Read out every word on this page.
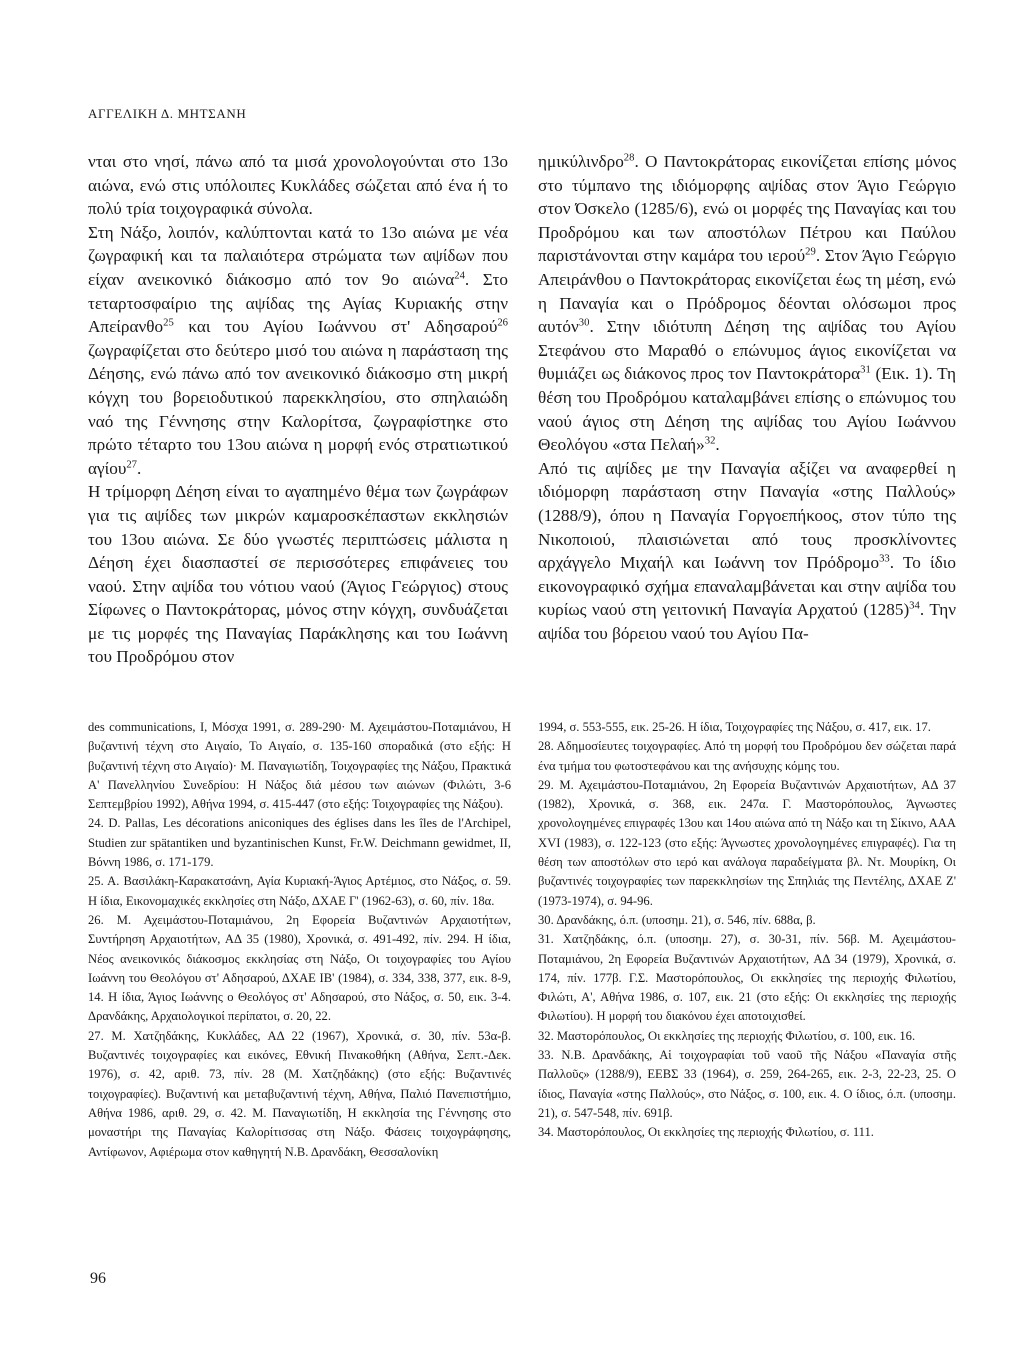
ΑΓΓΕΛΙΚΗ Δ. ΜΗΤΣΑΝΗ

νται στο νησί, πάνω από τα μισά χρονολογούνται στο 13ο αιώνα, ενώ στις υπόλοιπες Κυκλάδες σώζεται από ένα ή το πολύ τρία τοιχογραφικά σύνολα.

Στη Νάξο, λοιπόν, καλύπτονται κατά το 13ο αιώνα με νέα ζωγραφική και τα παλαιότερα στρώματα των αψίδων που είχαν ανεικονικό διάκοσμο από τον 9ο αιώνα$^{24}$. Στο τεταρτοσφαίριο της αψίδας της Αγίας Κυριακής στην Απείρανθο$^{25}$ και του Αγίου Ιωάννου στ' Αδησαρού$^{26}$ ζωγραφίζεται στο δεύτερο μισό του αιώνα η παράσταση της Δέησης, ενώ πάνω από τον ανεικονικό διάκοσμο στη μικρή κόγχη του βορειοδυτικού παρεκκλησίου, στο σπηλαιώδη ναό της Γέννησης στην Καλορίτσα, ζωγραφίστηκε στο πρώτο τέταρτο του 13ου αιώνα η μορφή ενός στρατιωτικού αγίου$^{27}$.

Η τρίμορφη Δέηση είναι το αγαπημένο θέμα των ζωγράφων για τις αψίδες των μικρών καμαροσκέπαστων εκκλησιών του 13ου αιώνα. Σε δύο γνωστές περιπτώσεις μάλιστα η Δέηση έχει διασπαστεί σε περισσότερες επιφάνειες του ναού. Στην αψίδα του νότιου ναού (Άγιος Γεώργιος) στους Σίφωνες ο Παντοκράτορας, μόνος στην κόγχη, συνδυάζεται με τις μορφές της Παναγίας Παράκλησης και του Ιωάννη του Προδρόμου στον

ημικύλινδρο$^{28}$. Ο Παντοκράτορας εικονίζεται επίσης μόνος στο τύμπανο της ιδιόμορφης αψίδας στον Άγιο Γεώργιο στον Όσκελο (1285/6), ενώ οι μορφές της Παναγίας και του Προδρόμου και των αποστόλων Πέτρου και Παύλου παριστάνονται στην καμάρα του ιερού$^{29}$. Στον Άγιο Γεώργιο Απειράνθου ο Παντοκράτορας εικονίζεται έως τη μέση, ενώ η Παναγία και ο Πρόδρομος δέονται ολόσωμοι προς αυτόν$^{30}$. Στην ιδιότυπη Δέηση της αψίδας του Αγίου Στεφάνου στο Μαραθό ο επώνυμος άγιος εικονίζεται να θυμιάζει ως διάκονος προς τον Παντοκράτορα$^{31}$ (Εικ. 1). Τη θέση του Προδρόμου καταλαμβάνει επίσης ο επώνυμος του ναού άγιος στη Δέηση της αψίδας του Αγίου Ιωάννου Θεολόγου «στα Πελαή»$^{32}$.

Από τις αψίδες με την Παναγία αξίζει να αναφερθεί η ιδιόμορφη παράσταση στην Παναγία «στης Παλλούς» (1288/9), όπου η Παναγία Γοργοεπήκοος, στον τύπο της Νικοποιού, πλαισιώνεται από τους προσκλίνοντες αρχάγγελο Μιχαήλ και Ιωάννη τον Πρόδρομο$^{33}$. Το ίδιο εικονογραφικό σχήμα επαναλαμβάνεται και στην αψίδα του κυρίως ναού στη γειτονική Παναγία Αρχατού $(1285)^{34}$. Την αψίδα του βόρειου ναού του Αγίου Πα-

des communications, I, Μόσχα 1991, σ. 289-290· Μ. Αχειμάστου-Ποταμιάνου, Η βυζαντινή τέχνη στο Αιγαίο, Το Αιγαίο, σ. 135-160 σποραδικά (στο εξής: Η βυζαντινή τέχνη στο Αιγαίο)· Μ. Παναγιωτίδη, Τοιχογραφίες της Νάξου, Πρακτικά Α' Πανελληνίου Συνεδρίου: Η Νάξος διά μέσου των αιώνων (Φιλώτι, 3-6 Σεπτεμβρίου 1992), Αθήνα 1994, σ. 415-447 (στο εξής: Τοιχογραφίες της Νάξου).

24. D. Pallas, Les décorations aniconiques des églises dans les îles de l'Archipel, Studien zur spätantiken und byzantinischen Kunst, Fr.W. Deichmann gewidmet, II, Βόννη 1986, σ. 171-179.

25. Α. Βασιλάκη-Καρακατσάνη, Αγία Κυριακή-Άγιος Αρτέμιος, στο Νάξος, σ. 59. Η ίδια, Εικονομαχικές εκκλησίες στη Νάξο, ΔΧΑΕ Γ' (1962-63), σ. 60, πίν. 18α.

26. Μ. Αχειμάστου-Ποταμιάνου, 2η Εφορεία Βυζαντινών Αρχαιοτήτων, Συντήρηση Αρχαιοτήτων, ΑΔ 35 (1980), Χρονικά, σ. 491-492, πίν. 294. Η ίδια, Νέος ανεικονικός διάκοσμος εκκλησίας στη Νάξο, Οι τοιχογραφίες του Αγίου Ιωάννη του Θεολόγου στ' Αδησαρού, ΔΧΑΕ ΙΒ' (1984), σ. 334, 338, 377, εικ. 8-9, 14. Η ίδια, Άγιος Ιωάννης ο Θεολόγος στ' Αδησαρού, στο Νάξος, σ. 50, εικ. 3-4. Δρανδάκης, Αρχαιολογικοί περίπατοι, σ. 20, 22.

27. Μ. Χατζηδάκης, Κυκλάδες, ΑΔ 22 (1967), Χρονικά, σ. 30, πίν. 53α-β. Βυζαντινές τοιχογραφίες και εικόνες, Εθνική Πινακοθήκη (Αθήνα, Σεπτ.-Δεκ. 1976), σ. 42, αριθ. 73, πίν. 28 (Μ. Χατζηδάκης) (στο εξής: Βυζαντινές τοιχογραφίες). Βυζαντινή και μεταβυζαντινή τέχνη, Αθήνα, Παλιό Πανεπιστήμιο, Αθήνα 1986, αριθ. 29, σ. 42. Μ. Παναγιωτίδη, Η εκκλησία της Γέννησης στο μοναστήρι της Παναγίας Καλορίτισσας στη Νάξο. Φάσεις τοιχογράφησης, Αντίφωνον, Αφιέρωμα στον καθηγητή Ν.Β. Δρανδάκη, Θεσσαλονίκη

1994, σ. 553-555, εικ. 25-26. Η ίδια, Τοιχογραφίες της Νάξου, σ. 417, εικ. 17.

28. Αδημοσίευτες τοιχογραφίες. Από τη μορφή του Προδρόμου δεν σώζεται παρά ένα τμήμα του φωτοστεφάνου και της ανήσυχης κόμης του.

29. Μ. Αχειμάστου-Ποταμιάνου, 2η Εφορεία Βυζαντινών Αρχαιοτήτων, ΑΔ 37 (1982), Χρονικά, σ. 368, εικ. 247α. Γ. Μαστορόπουλος, Άγνωστες χρονολογημένες επιγραφές 13ου και 14ου αιώνα από τη Νάξο και τη Σίκινο, ΑΑΑ XVI (1983), σ. 122-123 (στο εξής: Άγνωστες χρονολογημένες επιγραφές). Για τη θέση των αποστόλων στο ιερό και ανάλογα παραδείγματα βλ. Ντ. Μουρίκη, Οι βυζαντινές τοιχογραφίες των παρεκκλησίων της Σπηλιάς της Πεντέλης, ΔΧΑΕ Ζ' (1973-1974), σ. 94-96.

30. Δρανδάκης, ό.π. (υποσημ. 21), σ. 546, πίν. 688α, β.

31. Χατζηδάκης, ό.π. (υποσημ. 27), σ. 30-31, πίν. 56β. Μ. Αχειμάστου-Ποταμιάνου, 2η Εφορεία Βυζαντινών Αρχαιοτήτων, ΑΔ 34 (1979), Χρονικά, σ. 174, πίν. 177β. Γ.Σ. Μαστορόπουλος, Οι εκκλησίες της περιοχής Φιλωτίου, Φιλώτι, Α', Αθήνα 1986, σ. 107, εικ. 21 (στο εξής: Οι εκκλησίες της περιοχής Φιλωτίου). Η μορφή του διακόνου έχει αποτοιχισθεί.

32. Μαστορόπουλος, Οι εκκλησίες της περιοχής Φιλωτίου, σ. 100, εικ. 16.

33. Ν.Β. Δρανδάκης, Αἱ τοιχογραφίαι τοῦ ναοῦ τῆς Νάξου «Παναγία στῆς Παλλοῦς» (1288/9), ΕΕΒΣ 33 (1964), σ. 259, 264-265, εικ. 2-3, 22-23, 25. Ο ίδιος, Παναγία «στης Παλλούς», στο Νάξος, σ. 100, εικ. 4. Ο ίδιος, ό.π. (υποσημ. 21), σ. 547-548, πίν. 691β.

34. Μαστορόπουλος, Οι εκκλησίες της περιοχής Φιλωτίου, σ. 111.

96
